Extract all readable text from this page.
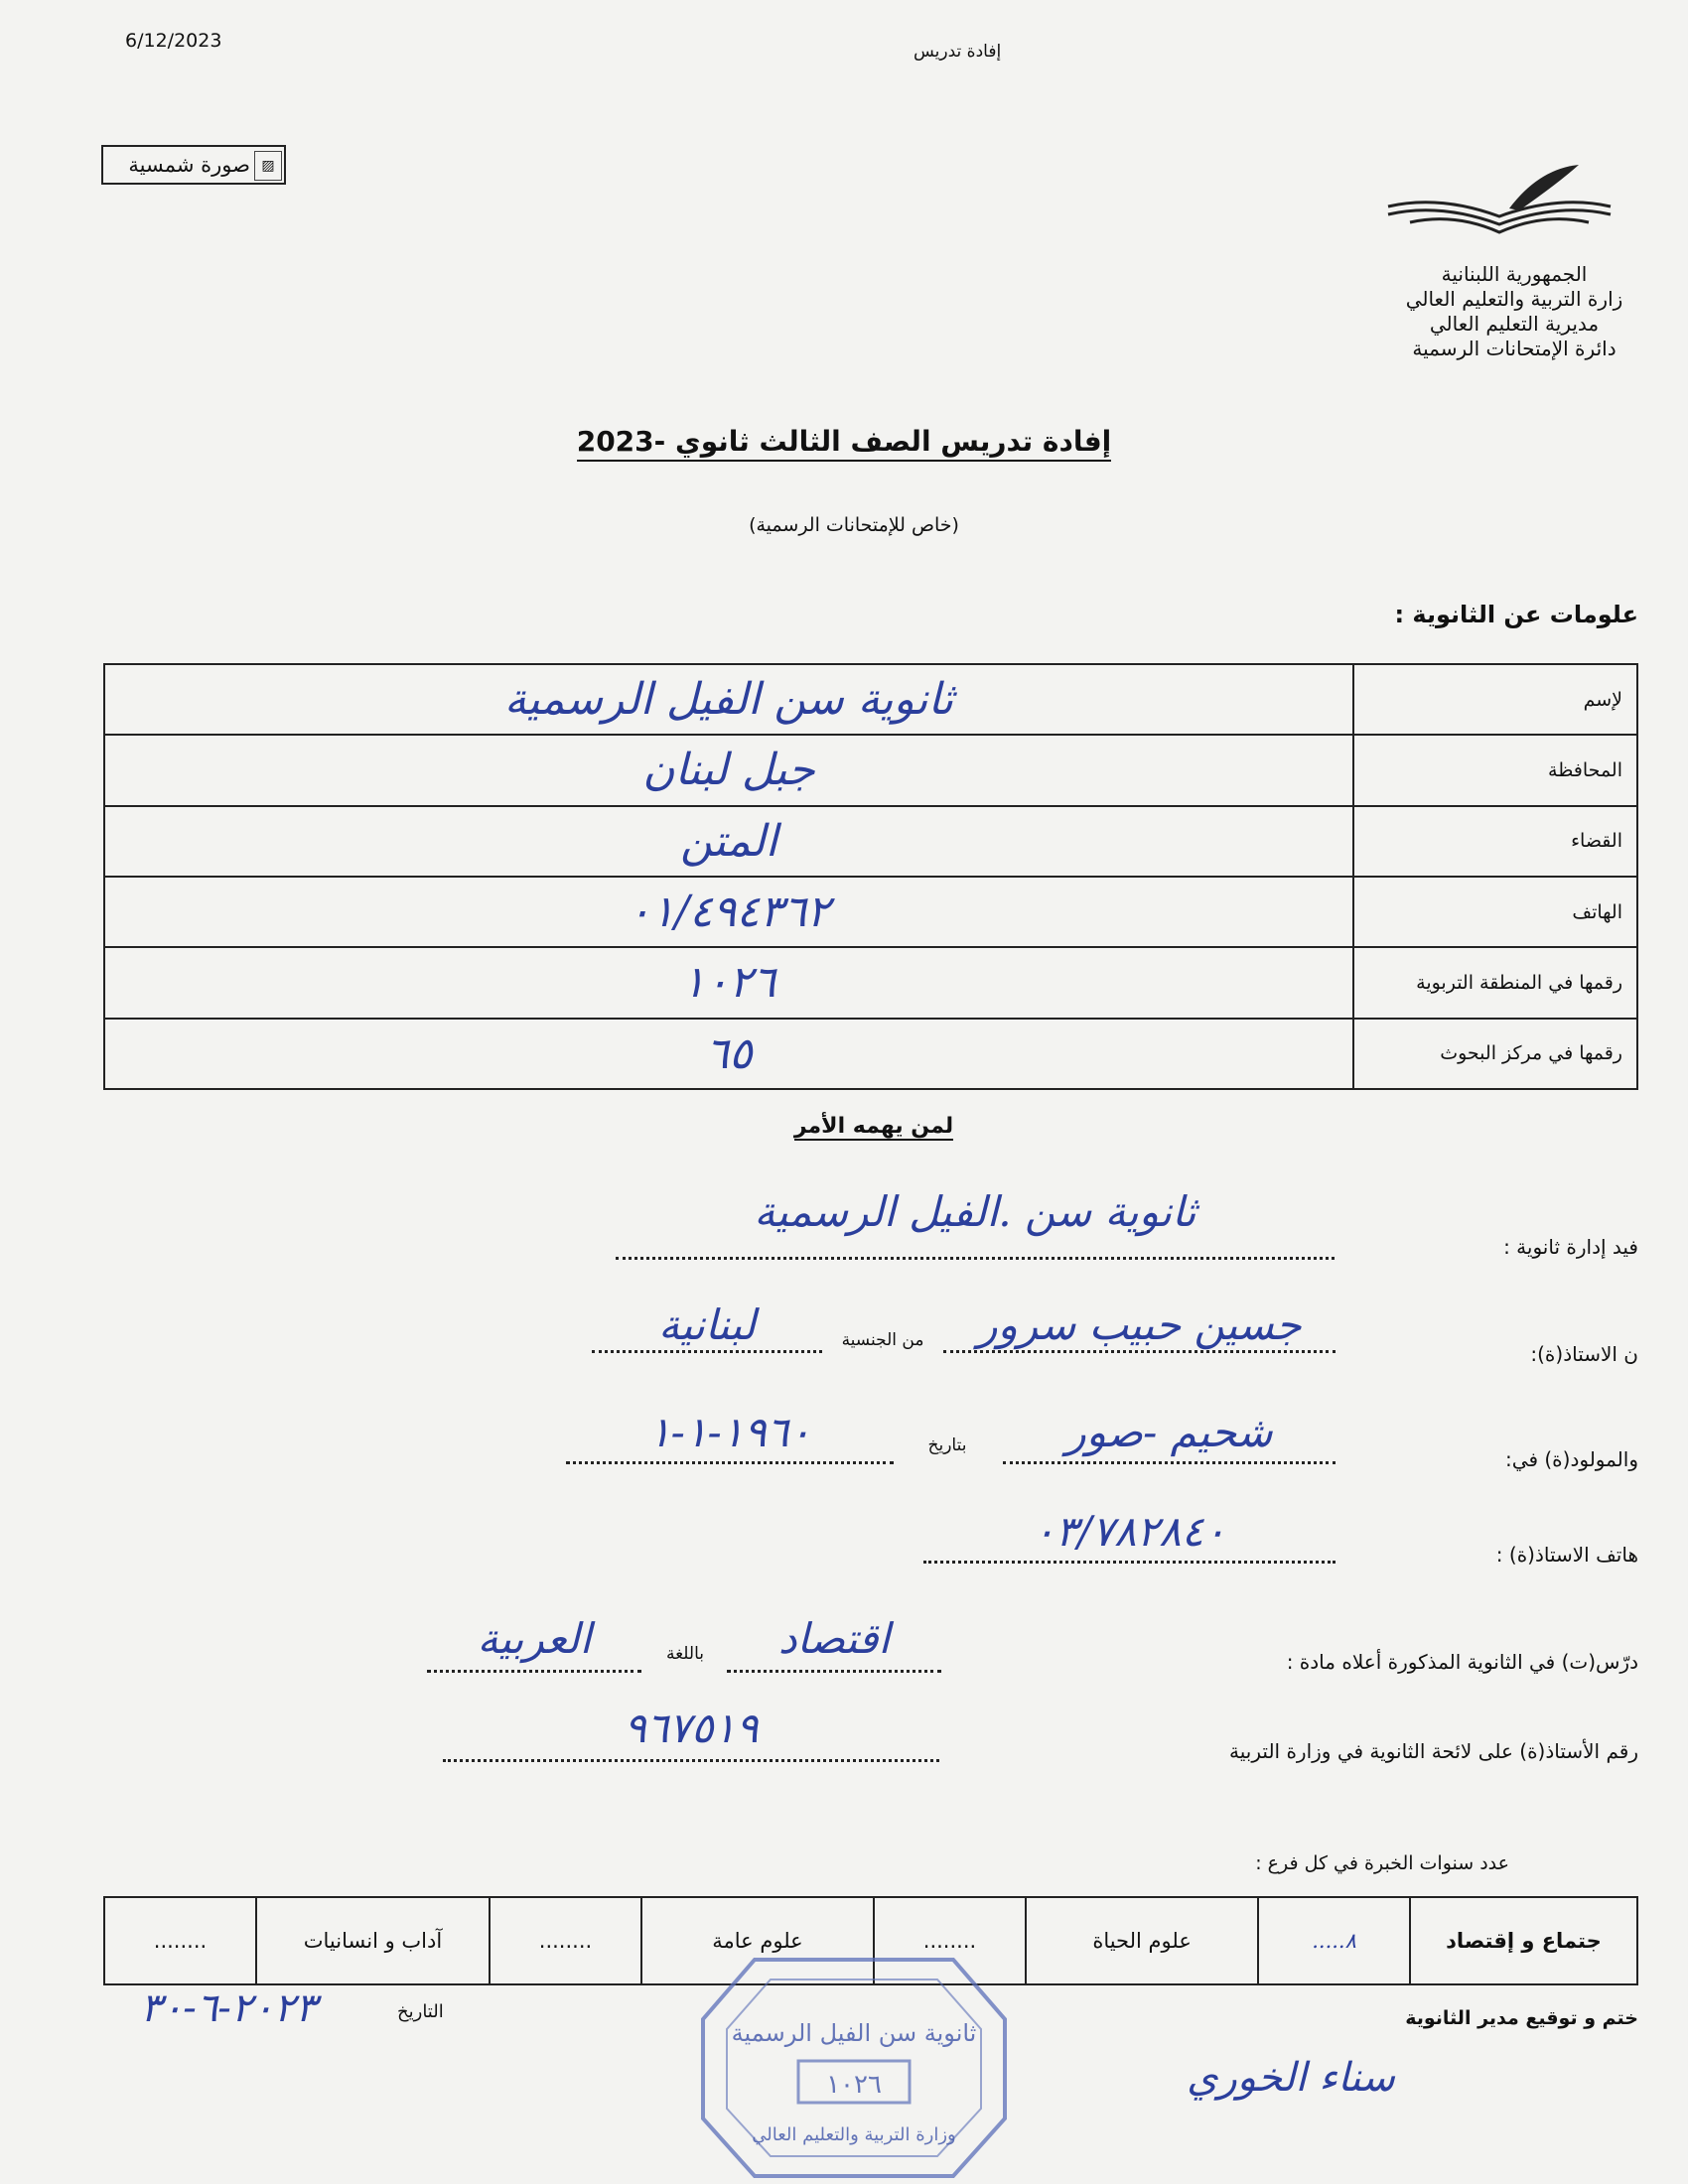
6/12/2023	إفادة تدريس
صورة شمسية ▨
الجمهورية اللبنانية
زارة التربية والتعليم العالي
مديرية التعليم العالي
دائرة الإمتحانات الرسمية
إفادة تدريس الصف الثالث ثانوي -2023
(خاص للإمتحانات الرسمية)
علومات عن الثانوية :
ثانوية سن الفيل الرسمية	لإسم
جبل لبنان	المحافظة
المتن	القضاء
٠١/٤٩٤٣٦٢	الهاتف
١٠٢٦	رقمها في المنطقة التربوية
٦٥	رقمها في مركز البحوث
لمن يهمه الأمر
فيد إدارة ثانوية :
ثانوية سن .الفيل الرسمية
ن الاستاذ(ة):
جسين حبيب سرور
من الجنسية
لبنانية
والمولود(ة) في:
شحيم -صور
بتاريخ
١٩٦٠-١-١
هاتف الاستاذ(ة) :
٠٣/٧٨٢٨٤٠
درّس(ت) في الثانوية المذكورة أعلاه مادة :
اقتصاد
باللغة
العربية
رقم الأستاذ(ة) على لائحة الثانوية في وزارة التربية
٩٦٧٥١٩
عدد سنوات الخبرة في كل فرع :
........	آداب و انسانيات	........	علوم عامة	........	علوم الحياة	٨.....	جتماع و إقتصاد
ختم و توقيع مدير الثانوية
التاريخ
٢٠٢٣-٦-٣٠
ثانوية سن الفيل الرسمية
١٠٢٦
وزارة التربية والتعليم العالي
سناء الخوري
